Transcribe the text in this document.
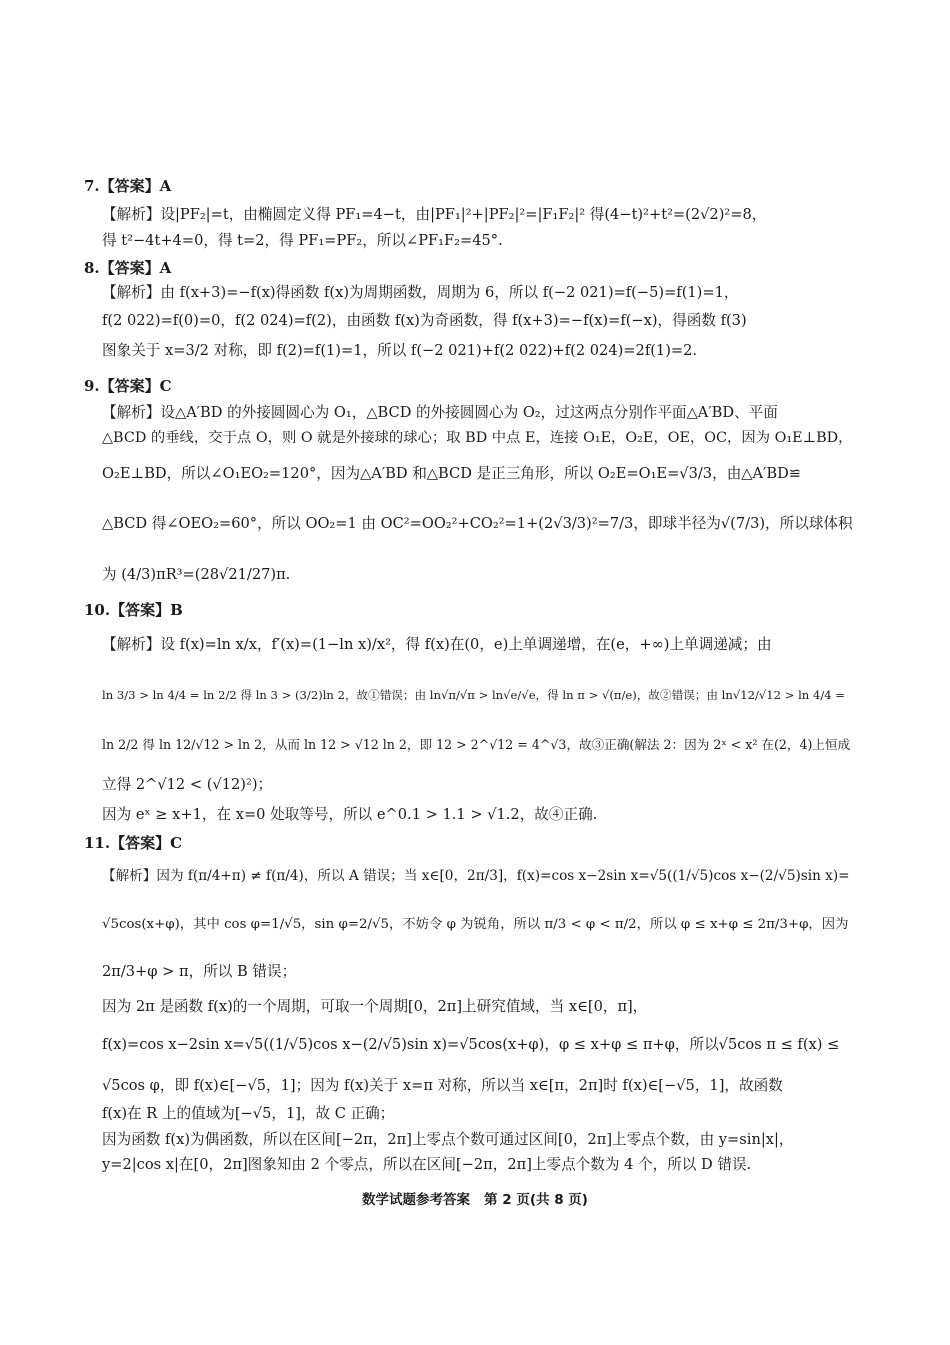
7.【答案】A
【解析】设|PF₂|=t，由椭圆定义得 PF₁=4−t，由|PF₁|²+|PF₂|²=|F₁F₂|² 得(4−t)²+t²=(2√2)²=8，
得 t²−4t+4=0，得 t=2，得 PF₁=PF₂，所以∠PF₁F₂=45°.
8.【答案】A
【解析】由 f(x+3)=−f(x)得函数 f(x)为周期函数，周期为 6，所以 f(−2 021)=f(−5)=f(1)=1，
f(2 022)=f(0)=0，f(2 024)=f(2)，由函数 f(x)为奇函数，得 f(x+3)=−f(x)=f(−x)，得函数 f(3)
图象关于 x=3/2 对称，即 f(2)=f(1)=1，所以 f(−2 021)+f(2 022)+f(2 024)=2f(1)=2.
9.【答案】C
【解析】设△A′BD 的外接圆圆心为 O₁，△BCD 的外接圆圆心为 O₂，过这两点分别作平面△A′BD、平面
△BCD 的垂线，交于点 O，则 O 就是外接球的球心；取 BD 中点 E，连接 O₁E，O₂E，OE，OC，因为 O₁E⊥BD，
O₂E⊥BD，所以∠O₁EO₂=120°，因为△A′BD 和△BCD 是正三角形，所以 O₂E=O₁E=√3/3，由△A′BD≌
△BCD 得∠OEO₂=60°，所以 OO₂=1 由 OC²=OO₂²+CO₂²=1+(2√3/3)²=7/3，即球半径为√(7/3)，所以球体积
为 (4/3)πR³=(28√21/27)π.
10.【答案】B
【解析】设 f(x)=ln x/x，f′(x)=(1−ln x)/x²，得 f(x)在(0，e)上单调递增，在(e，+∞)上单调递减；由
ln 3/3 > ln 4/4 = ln 2/2 得 ln 3 > (3/2)ln 2，故①错误；由 ln√π/√π > ln√e/√e，得 ln π > √(π/e)，故②错误；由 ln√12/√12 > ln 4/4 =
ln 2/2 得 ln 12/√12 > ln 2，从而 ln 12 > √12 ln 2，即 12 > 2^√12 = 4^√3，故③正确(解法 2：因为 2ˣ < x² 在(2，4)上恒成
立得 2^√12 < (√12)²)；
因为 eˣ ≥ x+1，在 x=0 处取等号，所以 e^0.1 > 1.1 > √1.2，故④正确.
11.【答案】C
【解析】因为 f(π/4+π) ≠ f(π/4)，所以 A 错误；当 x∈[0，2π/3]，f(x)=cos x−2sin x=√5((1/√5)cos x−(2/√5)sin x)=
√5cos(x+φ)，其中 cos φ=1/√5，sin φ=2/√5，不妨令 φ 为锐角，所以 π/3 < φ < π/2，所以 φ ≤ x+φ ≤ 2π/3+φ，因为
2π/3+φ > π，所以 B 错误；
因为 2π 是函数 f(x)的一个周期，可取一个周期[0，2π]上研究值域，当 x∈[0，π]，
f(x)=cos x−2sin x=√5((1/√5)cos x−(2/√5)sin x)=√5cos(x+φ)，φ ≤ x+φ ≤ π+φ，所以√5cos π ≤ f(x) ≤
√5cos φ，即 f(x)∈[−√5，1]；因为 f(x)关于 x=π 对称，所以当 x∈[π，2π]时 f(x)∈[−√5，1]，故函数
f(x)在 R 上的值域为[−√5，1]，故 C 正确；
因为函数 f(x)为偶函数，所以在区间[−2π，2π]上零点个数可通过区间[0，2π]上零点个数，由 y=sin|x|，
y=2|cos x|在[0，2π]图象知由 2 个零点，所以在区间[−2π，2π]上零点个数为 4 个，所以 D 错误.
数学试题参考答案 第 2 页(共 8 页)
